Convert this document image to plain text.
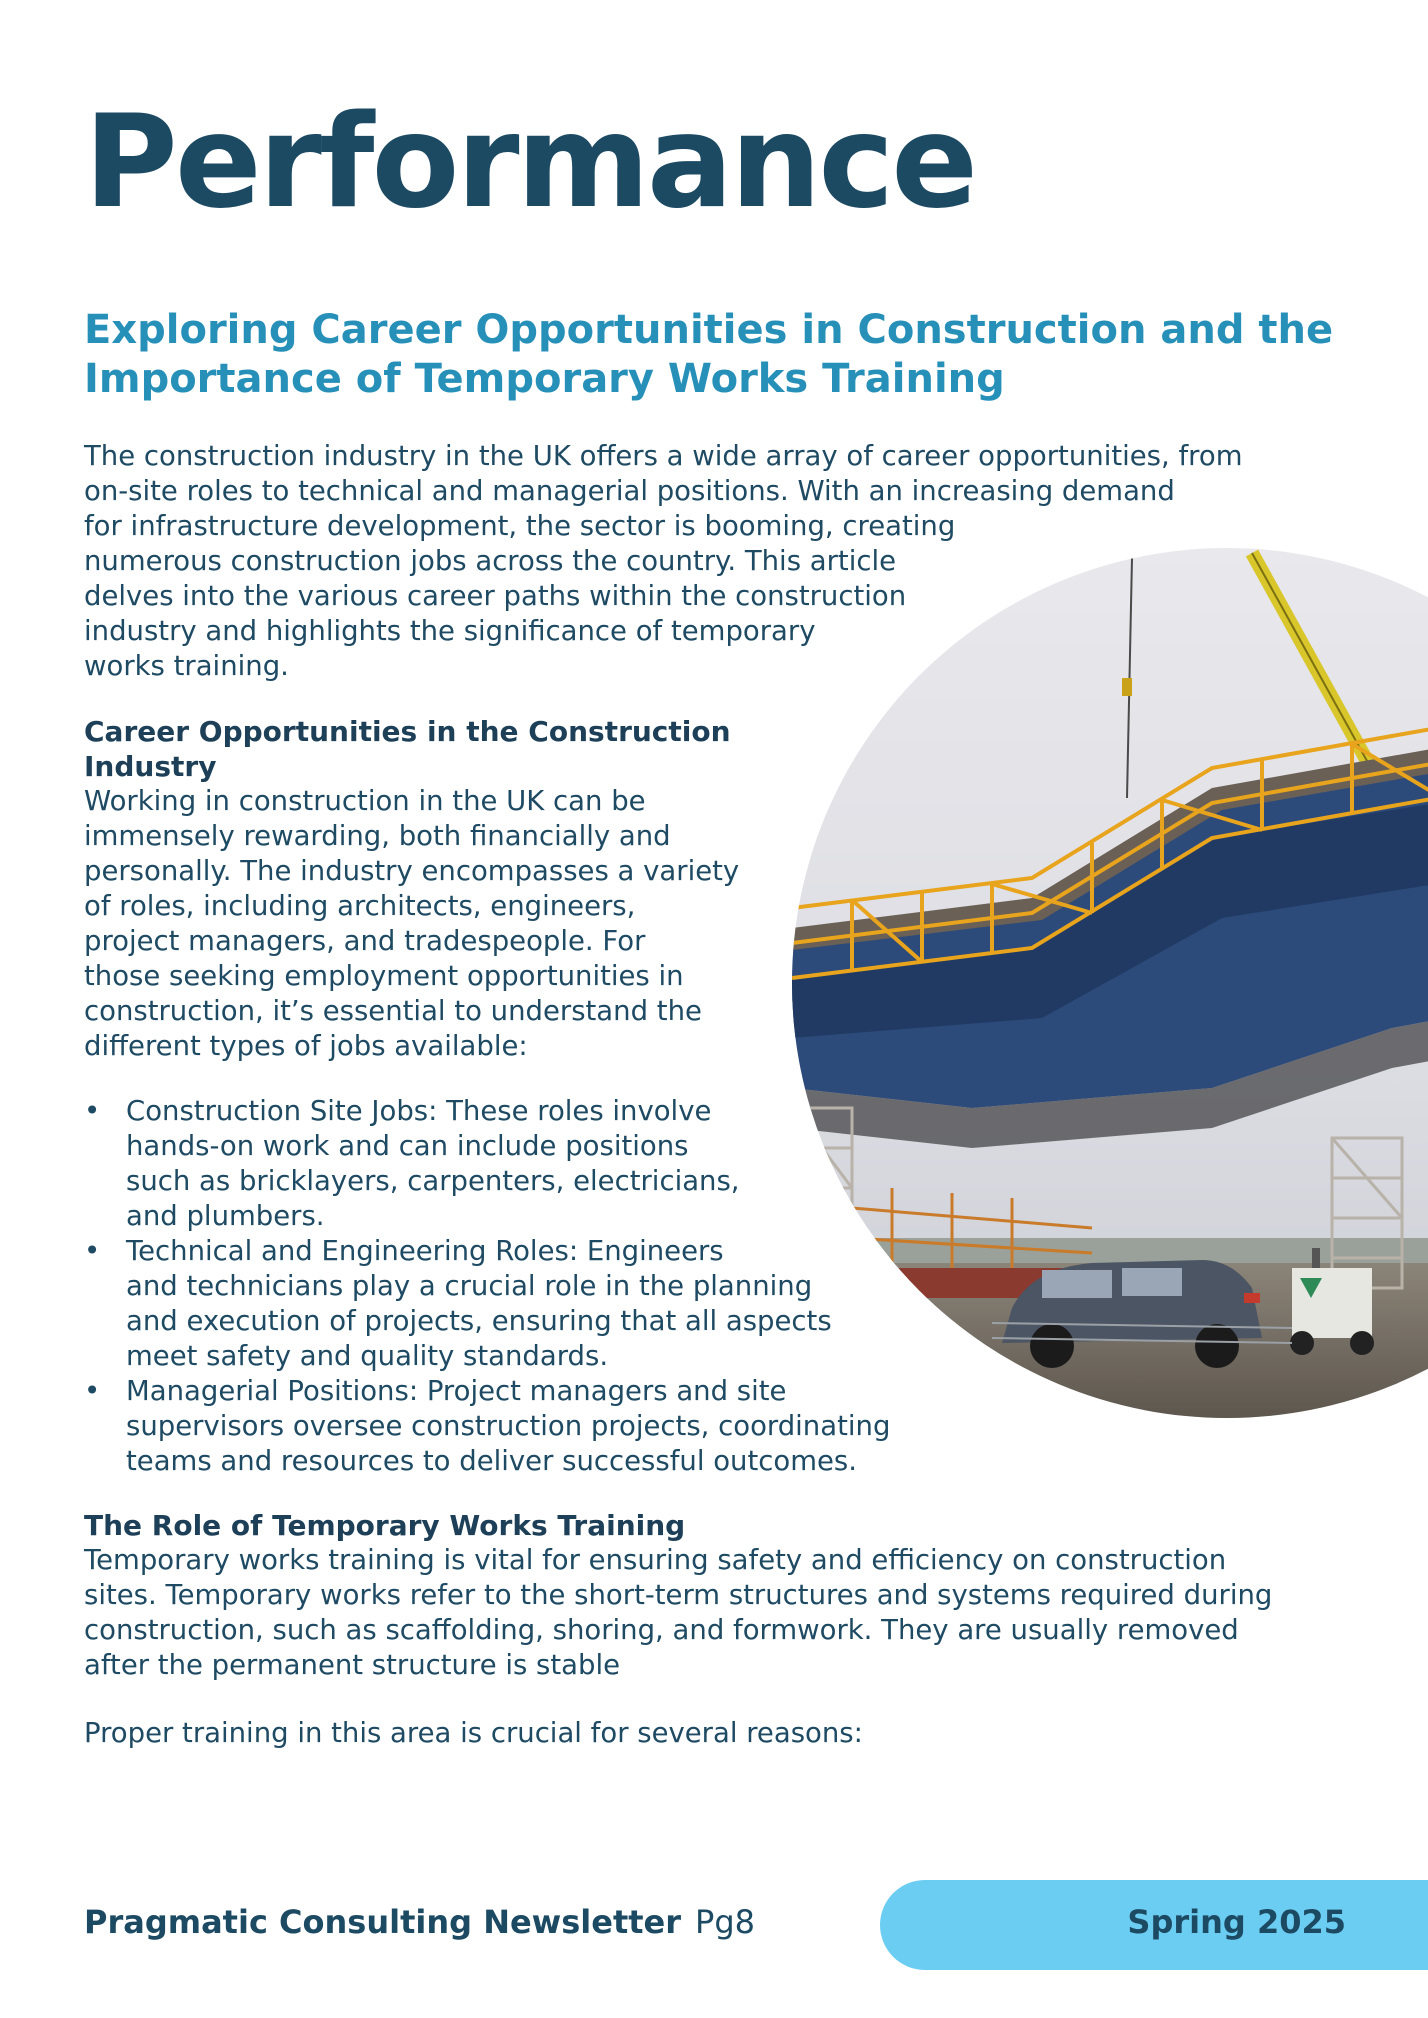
Performance
Exploring Career Opportunities in Construction and the
Importance of Temporary Works Training

The construction industry in the UK offers a wide array of career opportunities, from
on-site roles to technical and managerial positions. With an increasing demand
for infrastructure development, the sector is booming, creating
numerous construction jobs across the country. This article
delves into the various career paths within the construction
industry and highlights the significance of temporary
works training.

Career Opportunities in the Construction
Industry

Working in construction in the UK can be
immensely rewarding, both financially and
personally. The industry encompasses a variety
of roles, including architects, engineers,
project managers, and tradespeople. For
those seeking employment opportunities in
construction, it’s essential to understand the
different types of jobs available:

• Construction Site Jobs: These roles involve
hands-on work and can include positions
such as bricklayers, carpenters, electricians,
and plumbers.
• Technical and Engineering Roles: Engineers
and technicians play a crucial role in the planning
and execution of projects, ensuring that all aspects
meet safety and quality standards.
• Managerial Positions: Project managers and site
supervisors oversee construction projects, coordinating
teams and resources to deliver successful outcomes.
The Role of Temporary Works Training

Temporary works training is vital for ensuring safety and efficiency on construction
sites. Temporary works refer to the short-term structures and systems required during
construction, such as scaffolding, shoring, and formwork. They are usually removed
after the permanent structure is stable

Proper training in this area is crucial for several reasons:

Pragmatic Consulting Newsletter Pg8	Spring 2025
